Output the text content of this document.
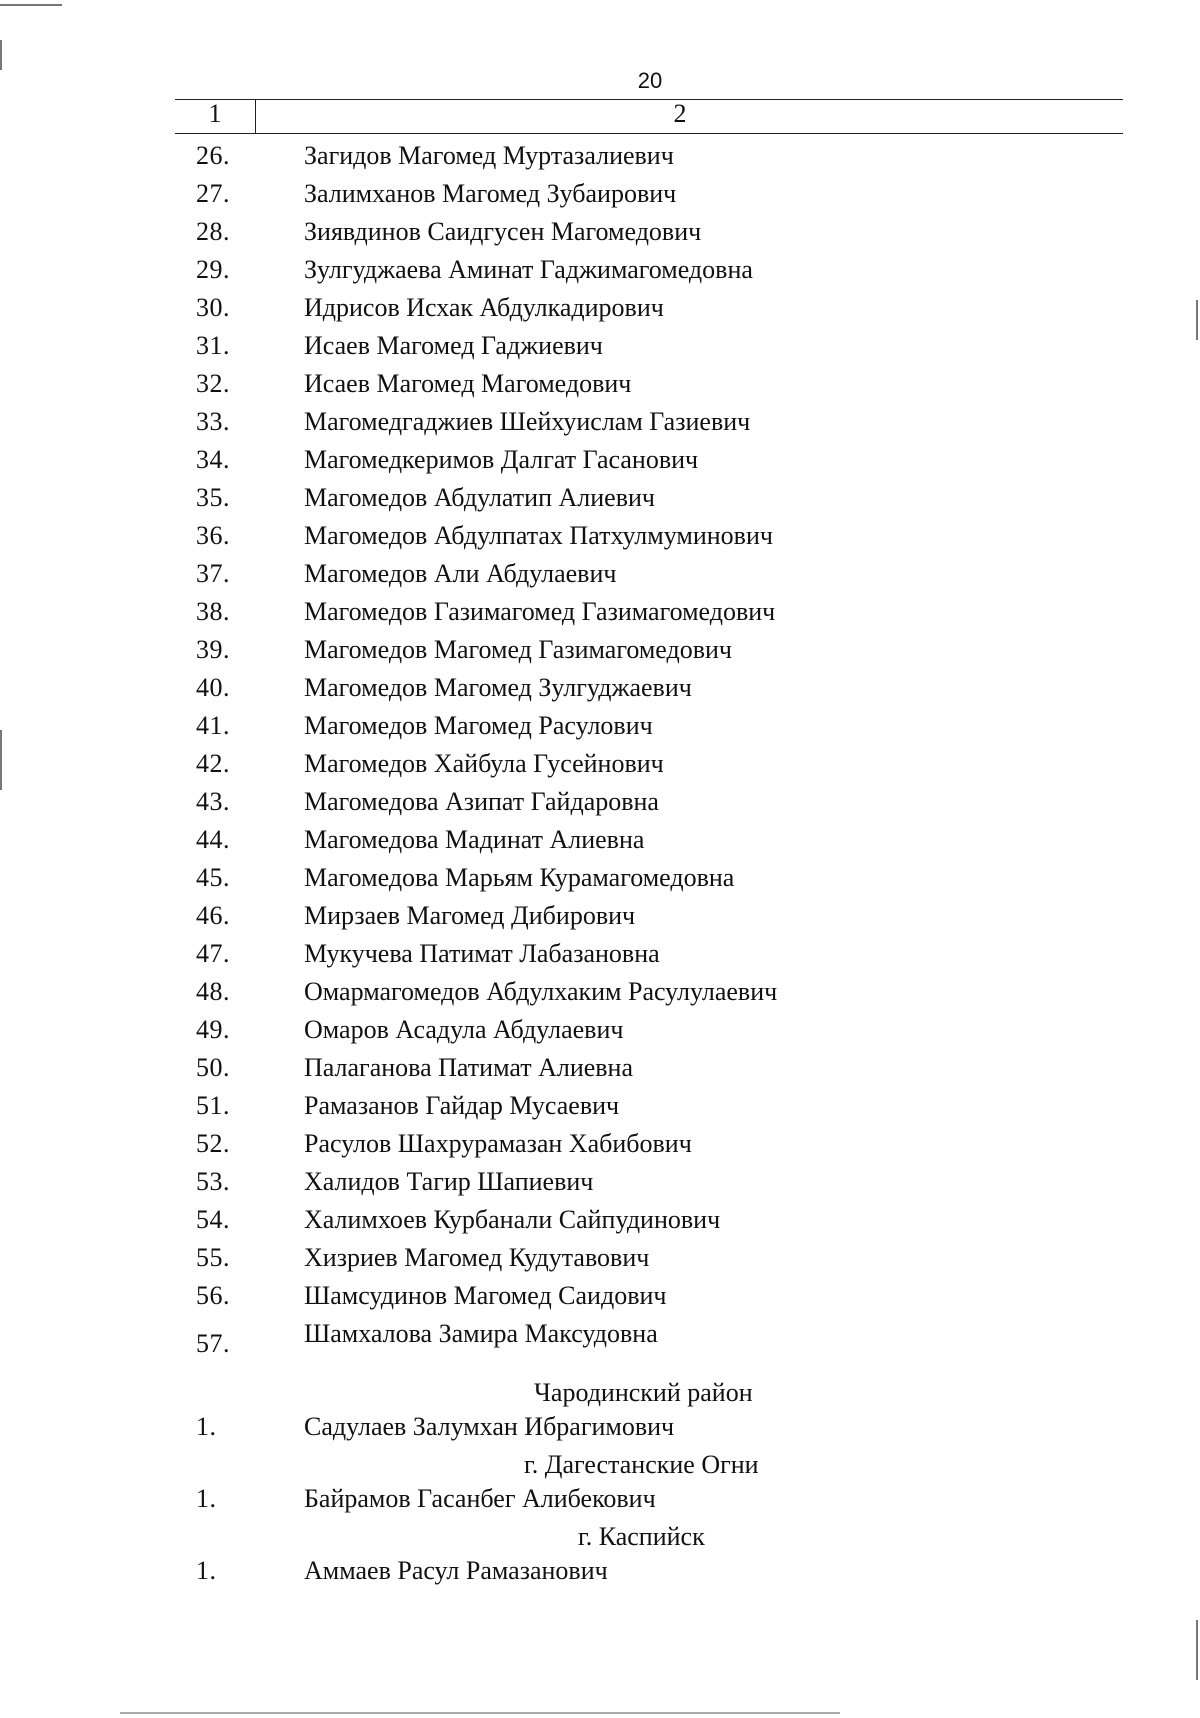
20
1	2
26.	Загидов Магомед Муртазалиевич
27.	Залимханов Магомед Зубаирович
28.	Зиявдинов Саидгусен Магомедович
29.	Зулгуджаева Аминат Гаджимагомедовна
30.	Идрисов Исхак Абдулкадирович
31.	Исаев Магомед Гаджиевич
32.	Исаев Магомед Магомедович
33.	Магомедгаджиев Шейхуислам Газиевич
34.	Магомедкеримов Далгат Гасанович
35.	Магомедов Абдулатип Алиевич
36.	Магомедов Абдулпатах Патхулмуминович
37.	Магомедов Али Абдулаевич
38.	Магомедов Газимагомед Газимагомедович
39.	Магомедов Магомед Газимагомедович
40.	Магомедов Магомед Зулгуджаевич
41.	Магомедов Магомед Расулович
42.	Магомедов Хайбула Гусейнович
43.	Магомедова Азипат Гайдаровна
44.	Магомедова Мадинат Алиевна
45.	Магомедова Марьям Курамагомедовна
46.	Мирзаев Магомед Дибирович
47.	Мукучева Патимат Лабазановна
48.	Омармагомедов Абдулхаким Расулулаевич
49.	Омаров Асадула Абдулаевич
50.	Палаганова Патимат Алиевна
51.	Рамазанов Гайдар Мусаевич
52.	Расулов Шахрурамазан Хабибович
53.	Халидов Тагир Шапиевич
54.	Халимхоев Курбанали Сайпудинович
55.	Хизриев Магомед Кудутавович
56.	Шамсудинов Магомед Саидович
57.	Шамхалова Замира Максудовна
Чародинский район
1.	Садулаев Залумхан Ибрагимович
г. Дагестанские Огни
1.	Байрамов Гасанбег Алибекович
г. Каспийск
1.	Аммаев Расул Рамазанович
